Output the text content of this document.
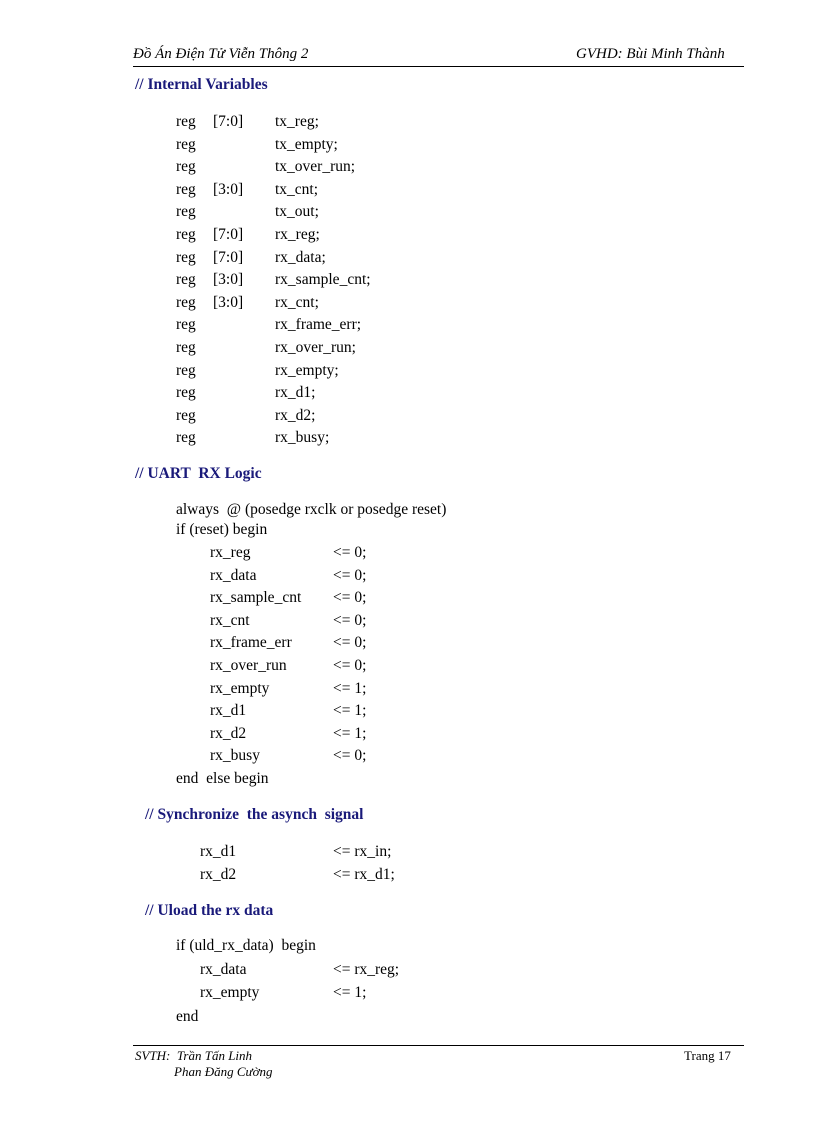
Đồ Án Điện Tử Viễn Thông 2	GVHD: Bùi Minh Thành
// Internal Variables
reg [7:0] tx_reg;
reg	tx_empty;
reg	tx_over_run;
reg [3:0] tx_cnt;
reg	tx_out;
reg [7:0] rx_reg;
reg [7:0] rx_data;
reg [3:0] rx_sample_cnt;
reg [3:0] rx_cnt;
reg	rx_frame_err;
reg	rx_over_run;
reg	rx_empty;
reg	rx_d1;
reg	rx_d2;
reg	rx_busy;
// UART  RX Logic
always  @ (posedge rxclk or posedge reset)
if (reset) begin
rx_reg	<= 0;
rx_data	<= 0;
rx_sample_cnt <= 0;
rx_cnt	<= 0;
rx_frame_err	<= 0;
rx_over_run	<= 0;
rx_empty	<= 1;
rx_d1	<= 1;
rx_d2	<= 1;
rx_busy	<= 0;
end  else begin
// Synchronize  the asynch  signal
rx_d1	<= rx_in;
rx_d2	<= rx_d1;
// Uload the rx data
if (uld_rx_data)  begin
rx_data	<= rx_reg;
rx_empty	<= 1;
end
SVTH:  Trần Tấn Linh
Phan Đăng Cường
Trang 17
